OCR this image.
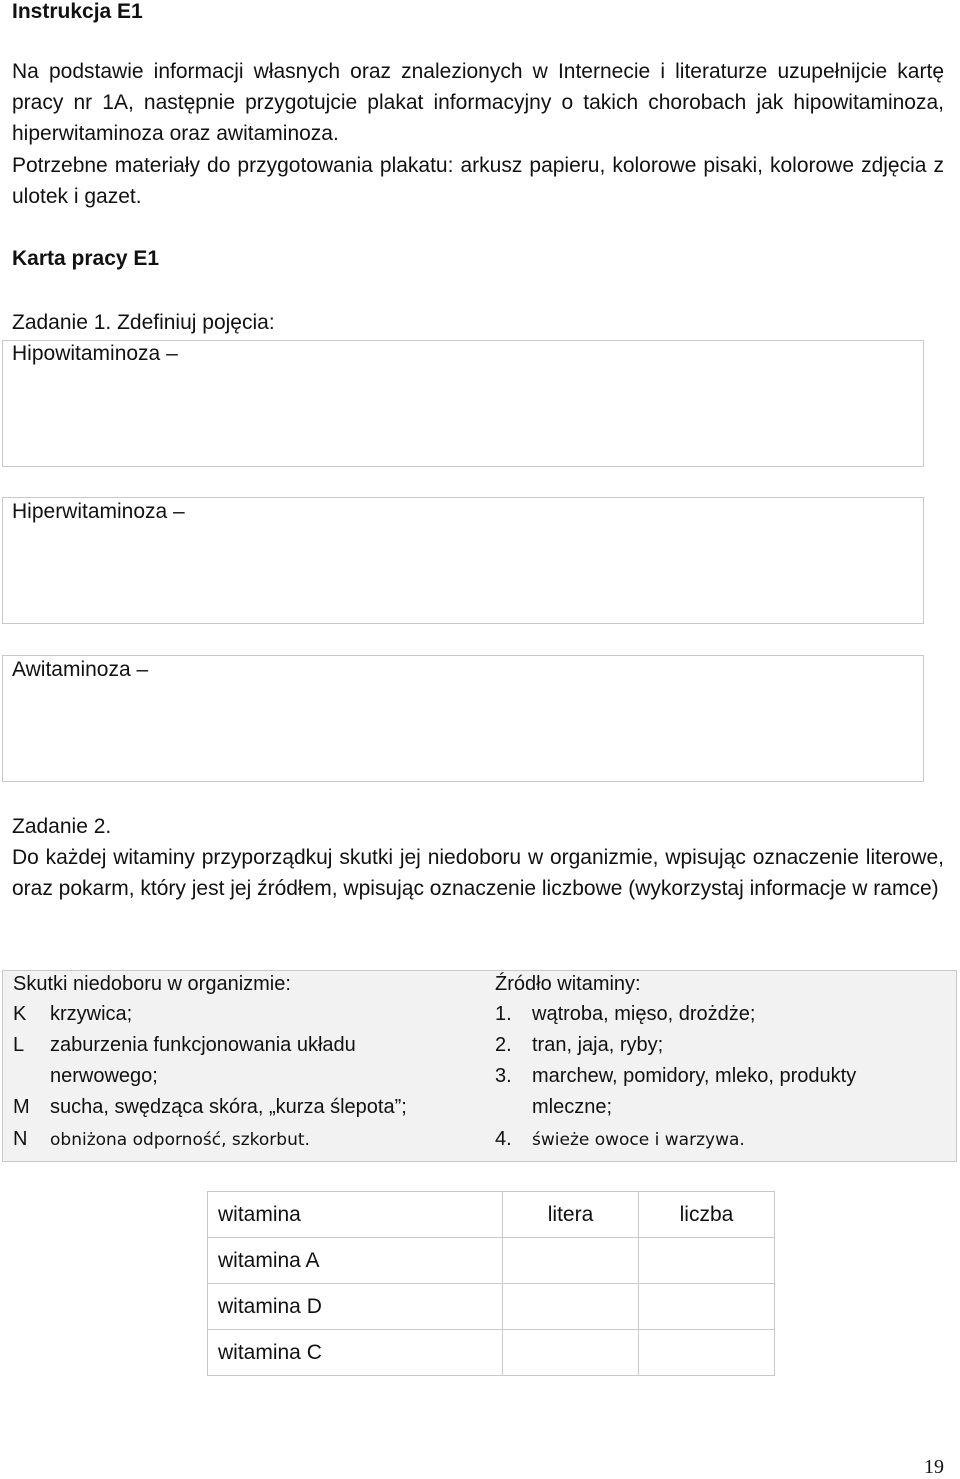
Instrukcja E1
Na podstawie informacji własnych oraz znalezionych w Internecie i literaturze uzupełnijcie kartę pracy nr 1A, następnie przygotujcie plakat informacyjny o takich chorobach jak hipowitaminoza, hiperwitaminoza oraz awitaminoza.
Potrzebne materiały do przygotowania plakatu: arkusz papieru, kolorowe pisaki, kolorowe zdjęcia z ulotek i gazet.
Karta pracy E1
Zadanie 1. Zdefiniuj pojęcia:
Hipowitaminoza –
Hiperwitaminoza –
Awitaminoza –
Zadanie 2.
Do każdej witaminy przyporządkuj skutki jej niedoboru w organizmie, wpisując oznaczenie literowe, oraz pokarm, który jest jej źródłem, wpisując oznaczenie liczbowe (wykorzystaj informacje w ramce)
Skutki niedoboru w organizmie:
K krzywica;
L zaburzenia funkcjonowania układu nerwowego;
M sucha, swędząca skóra, „kurza ślepota”;
N obniżona odporność, szkorbut.
Źródło witaminy:
1. wątroba, mięso, drożdże;
2. tran, jaja, ryby;
3. marchew, pomidory, mleko, produkty mleczne;
4. świeże owoce i warzywa.
witamina	litera	liczba
witamina A		
witamina D		
witamina C		
19
